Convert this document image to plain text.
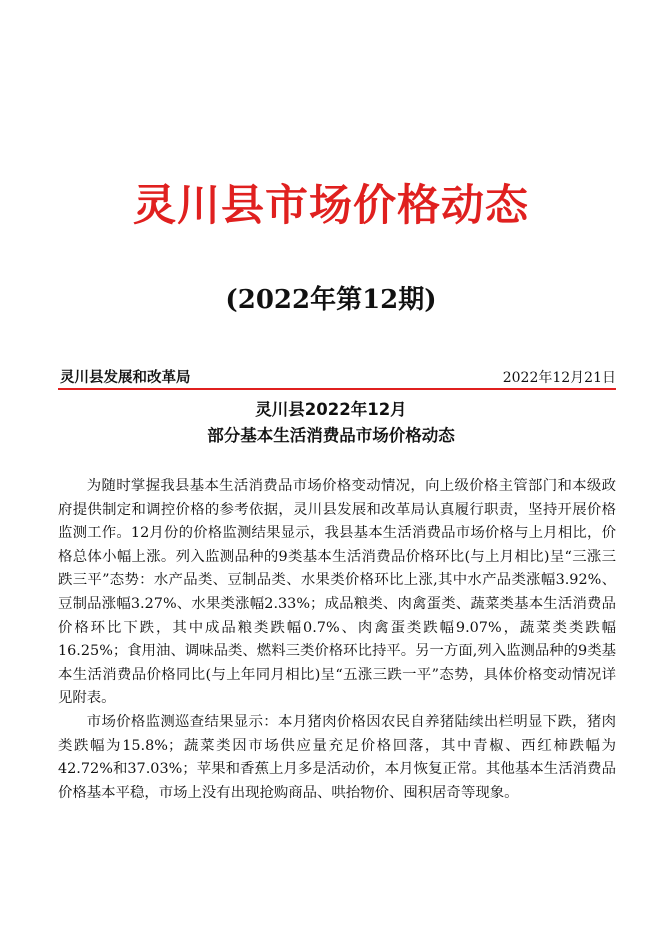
灵川县市场价格动态
(2022年第12期)
灵川县发展和改革局	2022年12月21日
灵川县2022年12月
部分基本生活消费品市场价格动态

为随时掌握我县基本生活消费品市场价格变动情况，向上级价格主管部门和本级政府提供制定和调控价格的参考依据，灵川县发展和改革局认真履行职责，坚持开展价格监测工作。12月份的价格监测结果显示，我县基本生活消费品市场价格与上月相比，价格总体小幅上涨。列入监测品种的9类基本生活消费品价格环比(与上月相比)呈“三涨三跌三平”态势：水产品类、豆制品类、水果类价格环比上涨,其中水产品类涨幅3.92%、豆制品涨幅3.27%、水果类涨幅2.33%；成品粮类、肉禽蛋类、蔬菜类基本生活消费品价格环比下跌，其中成品粮类跌幅0.7%、肉禽蛋类跌幅9.07%，蔬菜类类跌幅16.25%；食用油、调味品类、燃料三类价格环比持平。另一方面,列入监测品种的9类基本生活消费品价格同比(与上年同月相比)呈“五涨三跌一平”态势，具体价格变动情况详见附表。

市场价格监测巡查结果显示：本月猪肉价格因农民自养猪陆续出栏明显下跌，猪肉类跌幅为15.8%；蔬菜类因市场供应量充足价格回落，其中青椒、西红柿跌幅为42.72%和37.03%；苹果和香蕉上月多是活动价，本月恢复正常。其他基本生活消费品价格基本平稳，市场上没有出现抢购商品、哄抬物价、囤积居奇等现象。
